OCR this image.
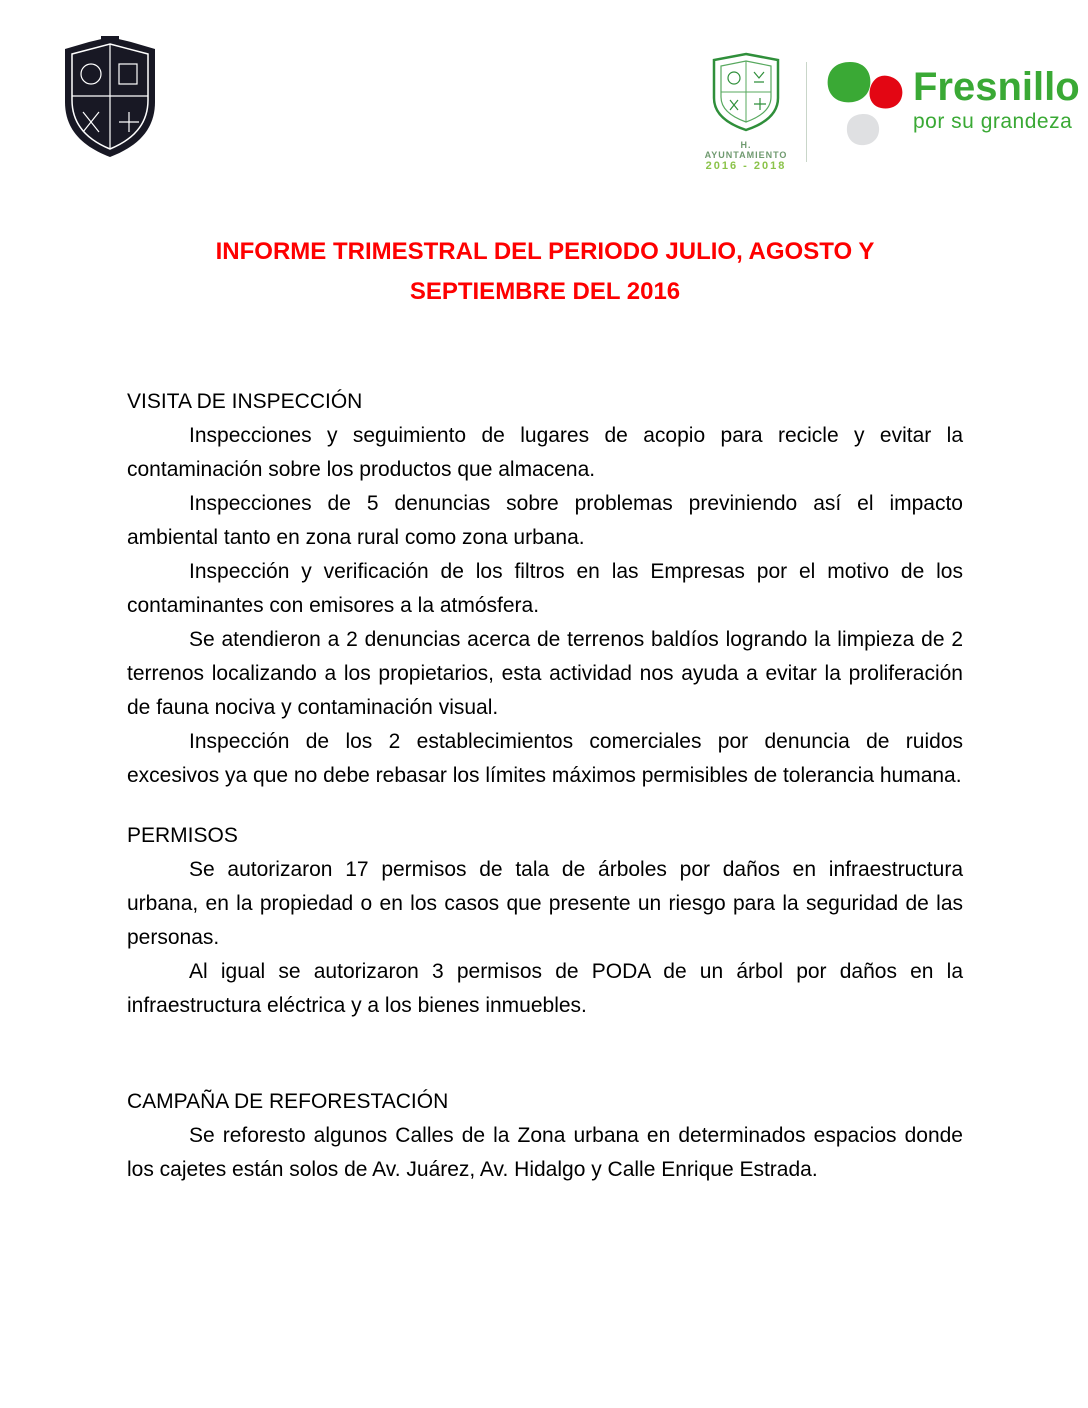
H. AYUNTAMIENTO
2016 - 2018
Fresnillo
por su grandeza
INFORME TRIMESTRAL DEL PERIODO JULIO, AGOSTO Y
SEPTIEMBRE DEL 2016
VISITA DE INSPECCIÓN

Inspecciones y seguimiento de lugares de acopio para recicle y evitar la contaminación sobre los productos que almacena.

Inspecciones de 5 denuncias sobre problemas previniendo así el impacto ambiental tanto en zona rural como zona urbana.

Inspección y verificación de los filtros en las Empresas por el motivo de los contaminantes con emisores a la atmósfera.

Se atendieron a 2 denuncias acerca de terrenos baldíos logrando la limpieza de 2 terrenos localizando a los propietarios, esta actividad nos ayuda a evitar la proliferación de fauna nociva y contaminación visual.

Inspección de los 2 establecimientos comerciales por denuncia de ruidos excesivos ya que no debe rebasar los límites máximos permisibles de tolerancia humana.

PERMISOS

Se autorizaron 17 permisos de tala de árboles por daños en infraestructura urbana, en la propiedad o en los casos que presente un riesgo para la seguridad de las personas.

Al igual se autorizaron 3 permisos de PODA de un árbol por daños en la infraestructura eléctrica y a los bienes inmuebles.

CAMPAÑA DE REFORESTACIÓN

Se reforesto algunos Calles de la Zona urbana en determinados espacios donde los cajetes están solos de Av. Juárez, Av. Hidalgo y Calle Enrique Estrada.
